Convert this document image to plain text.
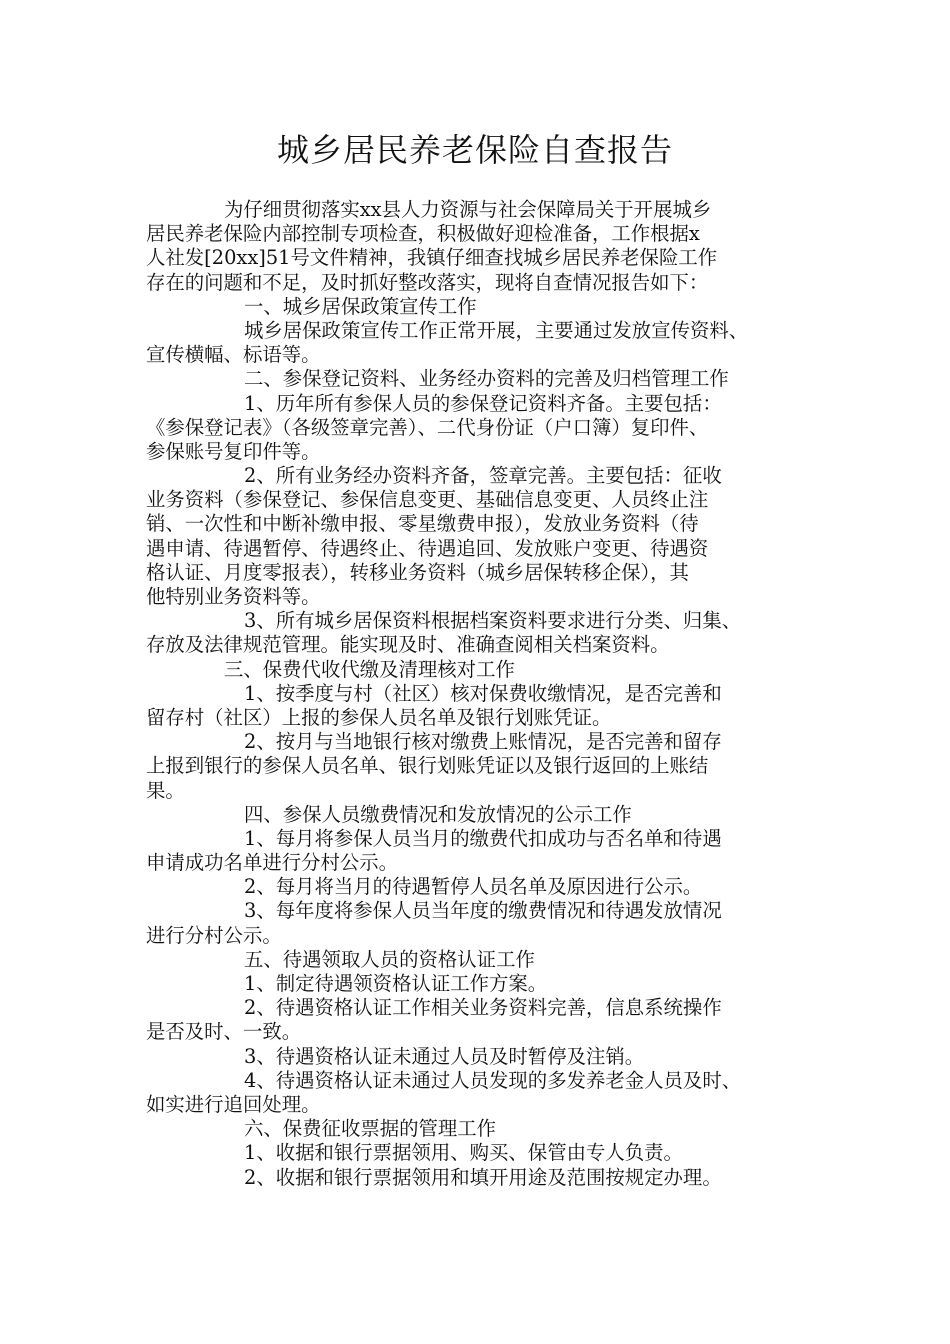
城乡居民养老保险自查报告
为仔细贯彻落实xx县人力资源与社会保障局关于开展城乡
居民养老保险内部控制专项检查，积极做好迎检准备，工作根据x
人社发[20xx]51号文件精神，我镇仔细查找城乡居民养老保险工作
存在的问题和不足，及时抓好整改落实，现将自查情况报告如下：
一、城乡居保政策宣传工作
城乡居保政策宣传工作正常开展，主要通过发放宣传资料、
宣传横幅、标语等。
二、参保登记资料、业务经办资料的完善及归档管理工作
1、历年所有参保人员的参保登记资料齐备。主要包括：
《参保登记表》（各级签章完善）、二代身份证（户口簿）复印件、
参保账号复印件等。
2、所有业务经办资料齐备，签章完善。主要包括：征收
业务资料（参保登记、参保信息变更、基础信息变更、人员终止注
销、一次性和中断补缴申报、零星缴费申报），发放业务资料（待
遇申请、待遇暂停、待遇终止、待遇追回、发放账户变更、待遇资
格认证、月度零报表），转移业务资料（城乡居保转移企保），其
他特别业务资料等。
3、所有城乡居保资料根据档案资料要求进行分类、归集、
存放及法律规范管理。能实现及时、准确查阅相关档案资料。
三、保费代收代缴及清理核对工作
1、按季度与村（社区）核对保费收缴情况，是否完善和
留存村（社区）上报的参保人员名单及银行划账凭证。
2、按月与当地银行核对缴费上账情况，是否完善和留存
上报到银行的参保人员名单、银行划账凭证以及银行返回的上账结
果。
四、参保人员缴费情况和发放情况的公示工作
1、每月将参保人员当月的缴费代扣成功与否名单和待遇
申请成功名单进行分村公示。
2、每月将当月的待遇暂停人员名单及原因进行公示。
3、每年度将参保人员当年度的缴费情况和待遇发放情况
进行分村公示。
五、待遇领取人员的资格认证工作
1、制定待遇领资格认证工作方案。
2、待遇资格认证工作相关业务资料完善，信息系统操作
是否及时、一致。
3、待遇资格认证未通过人员及时暂停及注销。
4、待遇资格认证未通过人员发现的多发养老金人员及时、
如实进行追回处理。
六、保费征收票据的管理工作
1、收据和银行票据领用、购买、保管由专人负责。
2、收据和银行票据领用和填开用途及范围按规定办理。
